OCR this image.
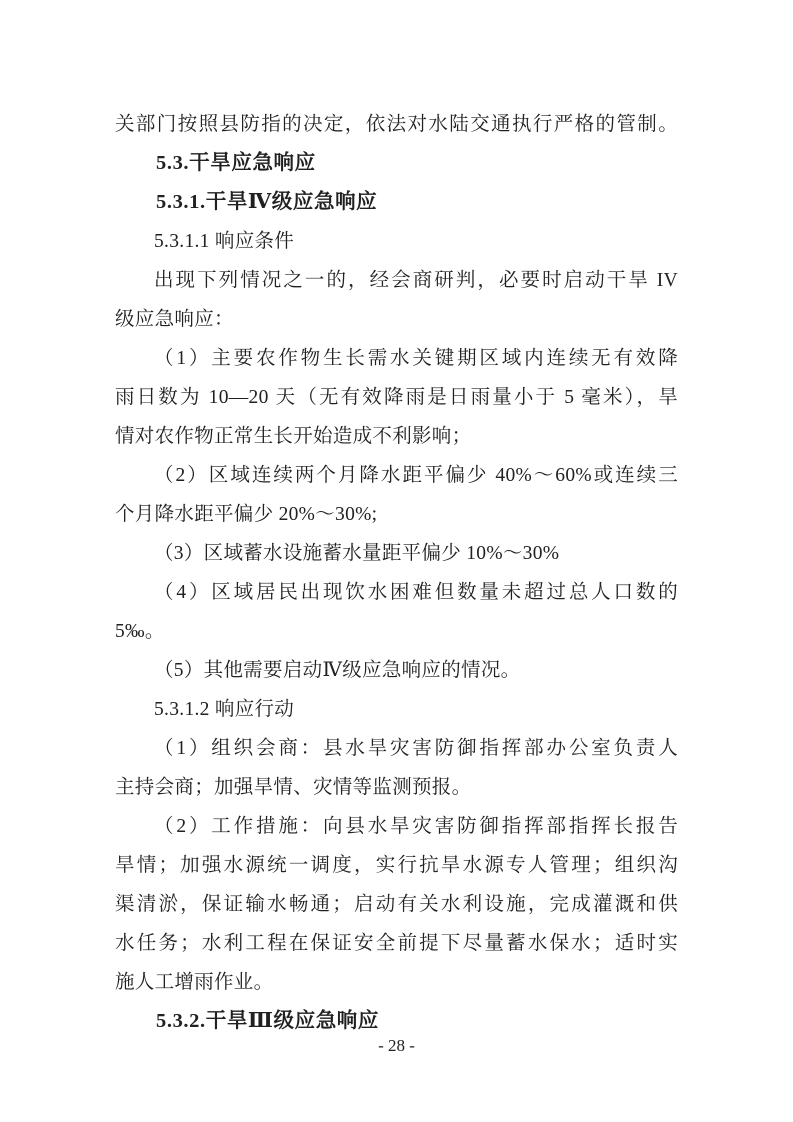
关部门按照县防指的决定，依法对水陆交通执行严格的管制。
5.3.干旱应急响应
5.3.1.干旱Ⅳ级应急响应
5.3.1.1 响应条件
出现下列情况之一的，经会商研判，必要时启动干旱 IV
级应急响应：
（1）主要农作物生长需水关键期区域内连续无有效降
雨日数为 10—20 天（无有效降雨是日雨量小于 5 毫米），旱
情对农作物正常生长开始造成不利影响；
（2）区域连续两个月降水距平偏少 40%～60%或连续三
个月降水距平偏少 20%～30%;
（3）区域蓄水设施蓄水量距平偏少 10%～30%
（4）区域居民出现饮水困难但数量未超过总人口数的
5‰。
（5）其他需要启动Ⅳ级应急响应的情况。
5.3.1.2 响应行动
（1）组织会商：县水旱灾害防御指挥部办公室负责人
主持会商；加强旱情、灾情等监测预报。
（2）工作措施：向县水旱灾害防御指挥部指挥长报告
旱情；加强水源统一调度，实行抗旱水源专人管理；组织沟
渠清淤，保证输水畅通；启动有关水利设施，完成灌溉和供
水任务；水利工程在保证安全前提下尽量蓄水保水；适时实
施人工增雨作业。
5.3.2.干旱Ⅲ级应急响应
- 28 -
